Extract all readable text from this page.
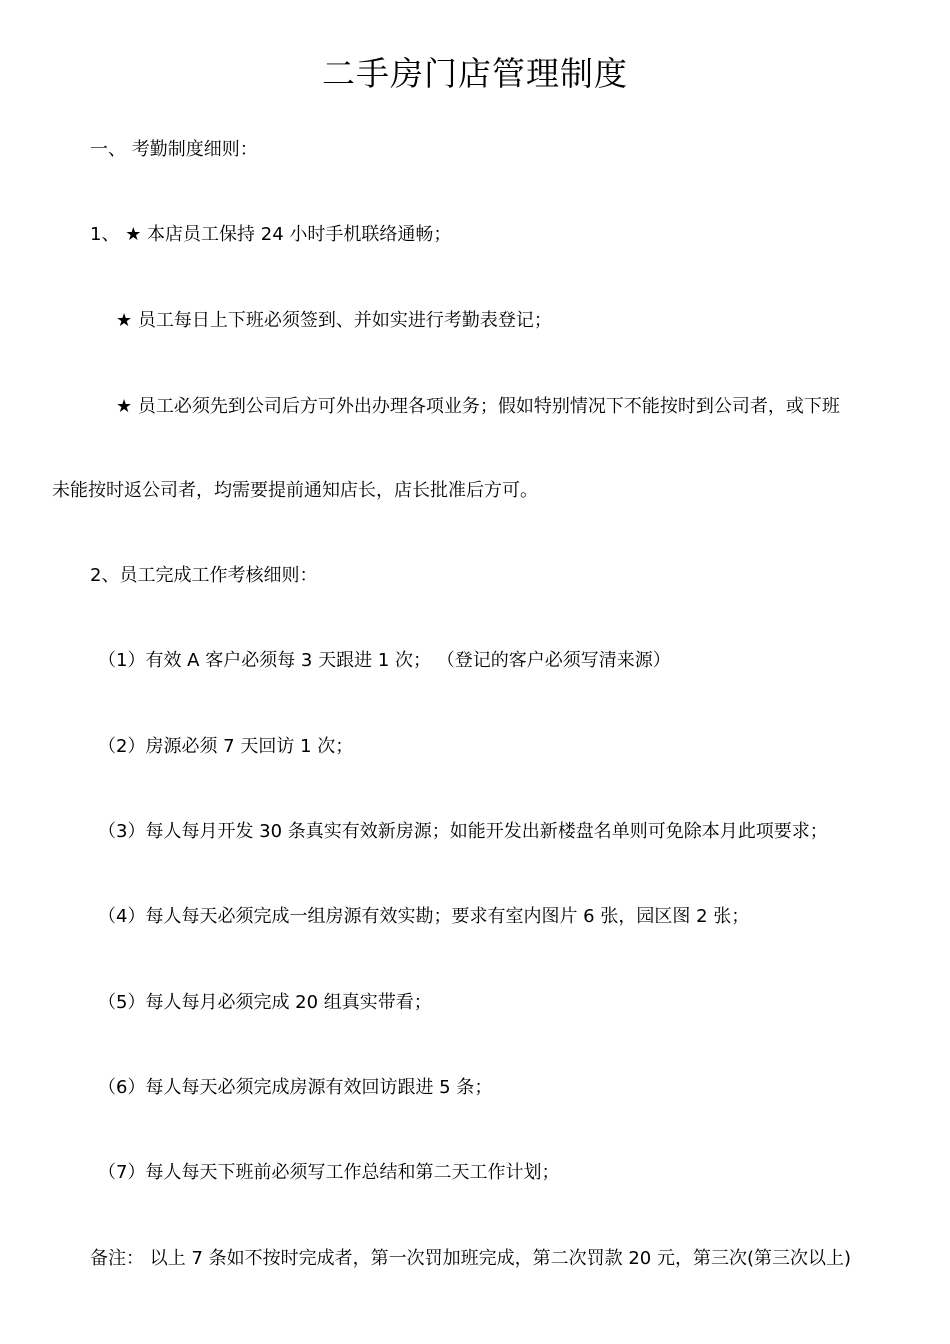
二手房门店管理制度
一、 考勤制度细则：
1、 ★ 本店员工保持 24 小时手机联络通畅；
★ 员工每日上下班必须签到、并如实进行考勤表登记；
★ 员工必须先到公司后方可外出办理各项业务；假如特别情况下不能按时到公司者，或下班
未能按时返公司者，均需要提前通知店长，店长批准后方可。
2、员工完成工作考核细则：
（1）有效 A 客户必须每 3 天跟进 1 次； （登记的客户必须写清来源）
（2）房源必须 7 天回访 1 次；
（3）每人每月开发 30 条真实有效新房源；如能开发出新楼盘名单则可免除本月此项要求；
（4）每人每天必须完成一组房源有效实勘；要求有室内图片 6 张，园区图 2 张；
（5）每人每月必须完成 20 组真实带看；
（6）每人每天必须完成房源有效回访跟进 5 条；
（7）每人每天下班前必须写工作总结和第二天工作计划；
备注： 以上 7 条如不按时完成者，第一次罚加班完成，第二次罚款 20 元，第三次(第三次以上)
